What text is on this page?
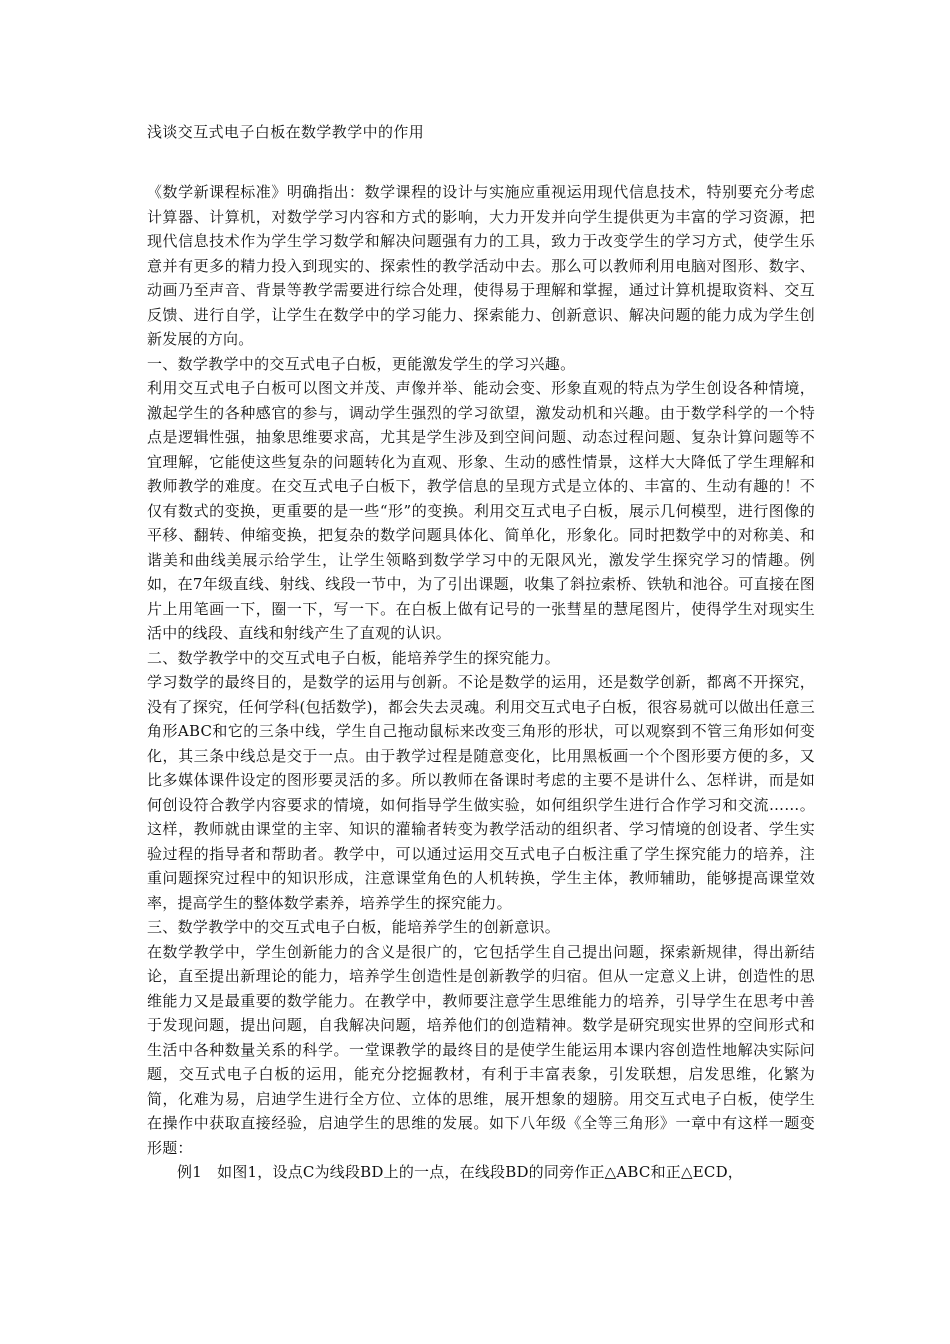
浅谈交互式电子白板在数学教学中的作用

《数学新课程标准》明确指出：数学课程的设计与实施应重视运用现代信息技术，特别要充分考虑计算器、计算机，对数学学习内容和方式的影响，大力开发并向学生提供更为丰富的学习资源，把现代信息技术作为学生学习数学和解决问题强有力的工具，致力于改变学生的学习方式，使学生乐意并有更多的精力投入到现实的、探索性的教学活动中去。那么可以教师利用电脑对图形、数字、动画乃至声音、背景等教学需要进行综合处理，使得易于理解和掌握，通过计算机提取资料、交互反馈、进行自学，让学生在数学中的学习能力、探索能力、创新意识、解决问题的能力成为学生创新发展的方向。

一、数学教学中的交互式电子白板，更能激发学生的学习兴趣。

利用交互式电子白板可以图文并茂、声像并举、能动会变、形象直观的特点为学生创设各种情境，激起学生的各种感官的参与，调动学生强烈的学习欲望，激发动机和兴趣。由于数学科学的一个特点是逻辑性强，抽象思维要求高，尤其是学生涉及到空间问题、动态过程问题、复杂计算问题等不宜理解，它能使这些复杂的问题转化为直观、形象、生动的感性情景，这样大大降低了学生理解和教师教学的难度。在交互式电子白板下，教学信息的呈现方式是立体的、丰富的、生动有趣的！不仅有数式的变换，更重要的是一些“形”的变换。利用交互式电子白板，展示几何模型，进行图像的平移、翻转、伸缩变换，把复杂的数学问题具体化、简单化，形象化。同时把数学中的对称美、和谐美和曲线美展示给学生，让学生领略到数学学习中的无限风光，激发学生探究学习的情趣。例如，在7年级直线、射线、线段一节中，为了引出课题，收集了斜拉索桥、铁轨和池谷。可直接在图片上用笔画一下，圈一下，写一下。在白板上做有记号的一张彗星的慧尾图片，使得学生对现实生活中的线段、直线和射线产生了直观的认识。

二、数学教学中的交互式电子白板，能培养学生的探究能力。

学习数学的最终目的，是数学的运用与创新。不论是数学的运用，还是数学创新，都离不开探究，没有了探究，任何学科(包括数学)，都会失去灵魂。利用交互式电子白板，很容易就可以做出任意三角形ABC和它的三条中线，学生自己拖动鼠标来改变三角形的形状，可以观察到不管三角形如何变化，其三条中线总是交于一点。由于教学过程是随意变化，比用黑板画一个个图形要方便的多，又比多媒体课件设定的图形要灵活的多。所以教师在备课时考虑的主要不是讲什么、怎样讲，而是如何创设符合教学内容要求的情境，如何指导学生做实验，如何组织学生进行合作学习和交流……。这样，教师就由课堂的主宰、知识的灌输者转变为教学活动的组织者、学习情境的创设者、学生实验过程的指导者和帮助者。教学中，可以通过运用交互式电子白板注重了学生探究能力的培养，注重问题探究过程中的知识形成，注意课堂角色的人机转换，学生主体，教师辅助，能够提高课堂效率，提高学生的整体数学素养，培养学生的探究能力。

三、数学教学中的交互式电子白板，能培养学生的创新意识。

在数学教学中，学生创新能力的含义是很广的，它包括学生自己提出问题，探索新规律，得出新结论，直至提出新理论的能力，培养学生创造性是创新教学的归宿。但从一定意义上讲，创造性的思维能力又是最重要的数学能力。在教学中，教师要注意学生思维能力的培养，引导学生在思考中善于发现问题，提出问题，自我解决问题，培养他们的创造精神。数学是研究现实世界的空间形式和生活中各种数量关系的科学。一堂课教学的最终目的是使学生能运用本课内容创造性地解决实际问题，交互式电子白板的运用，能充分挖掘教材，有利于丰富表象，引发联想，启发思维，化繁为简，化难为易，启迪学生进行全方位、立体的思维，展开想象的翅膀。用交互式电子白板，使学生在操作中获取直接经验，启迪学生的思维的发展。如下八年级《全等三角形》一章中有这样一题变形题：

例1　如图1，设点C为线段BD上的一点，在线段BD的同旁作正△ABC和正△ECD，
